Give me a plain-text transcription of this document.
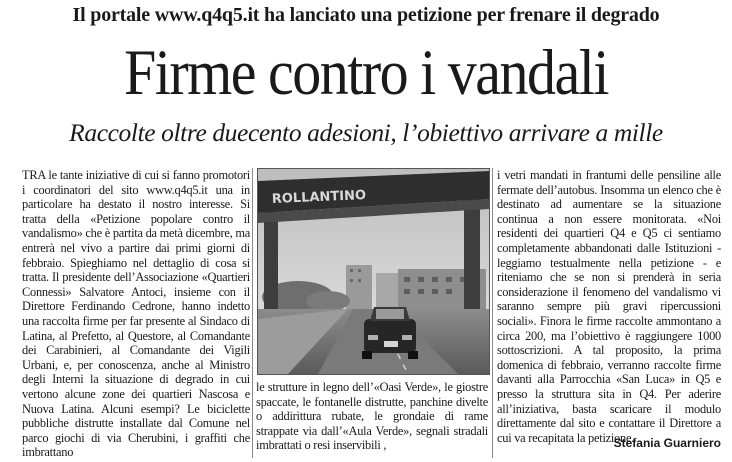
Il portale www.q4q5.it ha lanciato una petizione per frenare il degrado
Firme contro i vandali
Raccolte oltre duecento adesioni, l’obiettivo arrivare a mille

TRA le tante iniziative di cui si fanno promotori i coordinatori del sito www.q4q5.it una in particolare ha destato il nostro interesse. Si tratta della «Petizione popolare contro il vandalismo» che è partita da metà dicembre, ma entrerà nel vivo a partire dai primi giorni di febbraio. Spieghiamo nel dettaglio di cosa si tratta. Il presidente dell’Associazione «Quartieri Connessi» Salvatore Antoci, insieme con il Direttore Ferdinando Cedrone, hanno indetto una raccolta firme per far presente al Sindaco di Latina, al Prefetto, al Questore, al Comandante dei Carabinieri, al Comandante dei Vigili Urbani, e, per conoscenza, anche al Ministro degli Interni la situazione di degrado in cui vertono alcune zone dei quartieri Nascosa e Nuova Latina. Alcuni esempi? Le biciclette pubbliche distrutte installate dal Comune nel parco giochi di via Cherubini, i graffiti che imbrattano

ROLLANTINO

le strutture in legno dell’«Oasi Verde», le giostre spaccate, le fontanelle distrutte, panchine divelte o addirittura rubate, le grondaie di rame strappate via dall’«Aula Verde», segnali stradali imbrattati o resi inservibili ,

i vetri mandati in frantumi delle pensiline alle fermate dell’autobus. Insomma un elenco che è destinato ad aumentare se la situazione continua a non essere monitorata. «Noi residenti dei quartieri Q4 e Q5 ci sentiamo completamente abbandonati dalle Istituzioni - leggiamo testualmente nella petizione - e riteniamo che se non si prenderà in seria considerazione il fenomeno del vandalismo vi saranno sempre più gravi ripercussioni sociali». Finora le firme raccolte ammontano a circa 200, ma l’obiettivo è raggiungere 1000 sottoscrizioni. A tal proposito, la prima domenica di febbraio, verranno raccolte firme davanti alla Parrocchia «San Luca» in Q5 e presso la struttura sita in Q4. Per aderire all’iniziativa, basta scaricare il modulo direttamente dal sito e contattare il Direttore a cui va recapitata la petizione.

Stefania Guarniero
